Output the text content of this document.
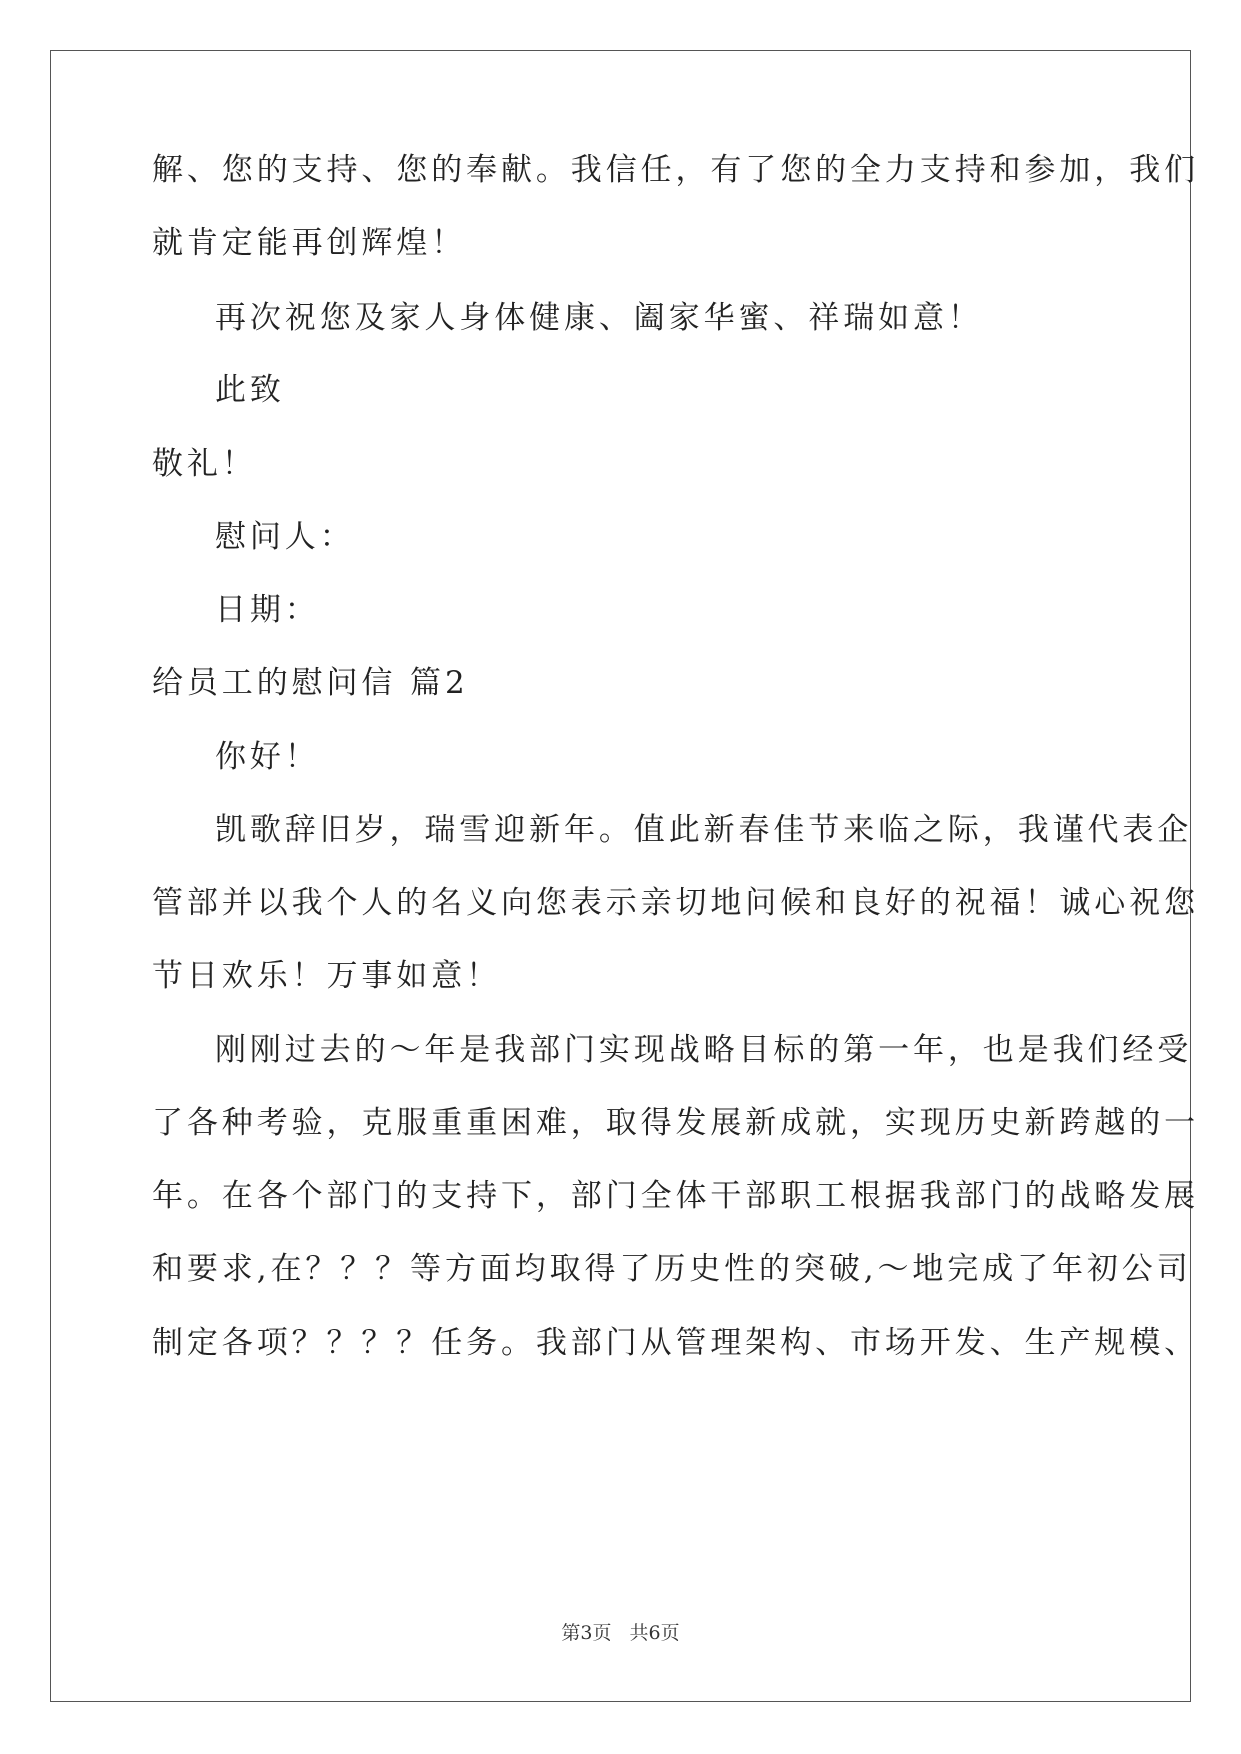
解、您的支持、您的奉献。我信任，有了您的全力支持和参加，我们
就肯定能再创辉煌！
再次祝您及家人身体健康、阖家华蜜、祥瑞如意！
此致
敬礼！
慰问人：
日期：
给员工的慰问信 篇2
你好！
凯歌辞旧岁，瑞雪迎新年。值此新春佳节来临之际，我谨代表企
管部并以我个人的名义向您表示亲切地问候和良好的祝福！诚心祝您
节日欢乐！万事如意！
刚刚过去的～年是我部门实现战略目标的第一年，也是我们经受
了各种考验，克服重重困难，取得发展新成就，实现历史新跨越的一
年。在各个部门的支持下，部门全体干部职工根据我部门的战略发展
和要求,在？？？等方面均取得了历史性的突破,～地完成了年初公司
制定各项？？？？任务。我部门从管理架构、市场开发、生产规模、
第3页 共6页
